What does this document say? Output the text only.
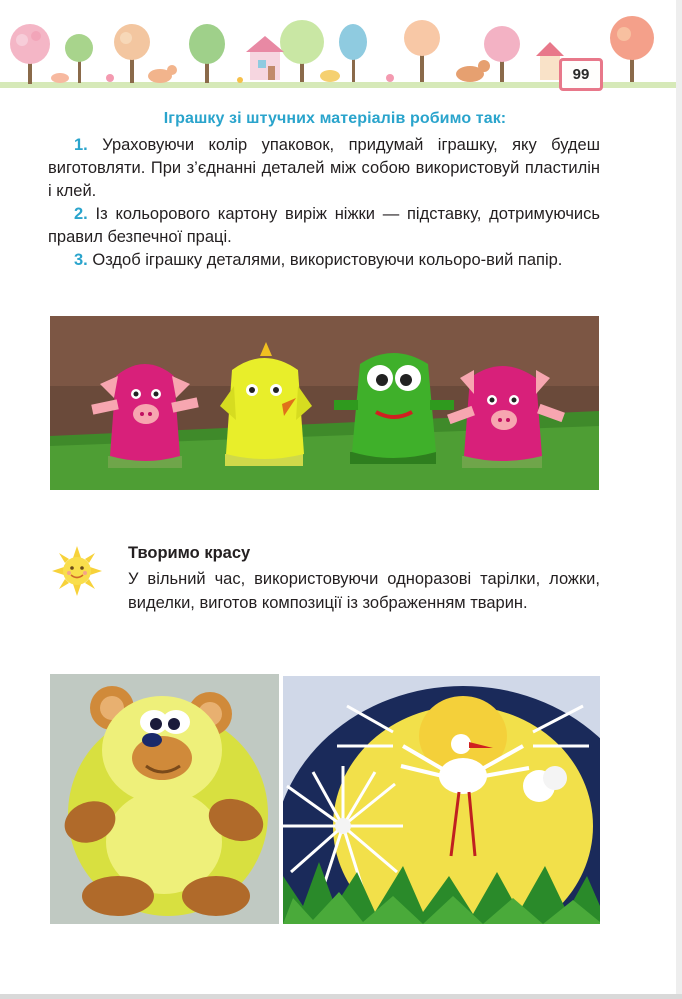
99
Іграшку зі штучних матеріалів робимо так:

1. Ураховуючи колір упаковок, придумай іграшку, яку будеш виготовляти. При з’єднанні деталей між собою використовуй пластилін і клей.

2. Із кольорового картону виріж ніжки — підставку, дотримуючись правил безпечної праці.

3. Оздоб іграшку деталями, використовуючи кольоро-вий папір.

Творимо красу

У вільний час, використовуючи одноразові тарілки, ложки, виделки, виготов композиції із зображенням тварин.
